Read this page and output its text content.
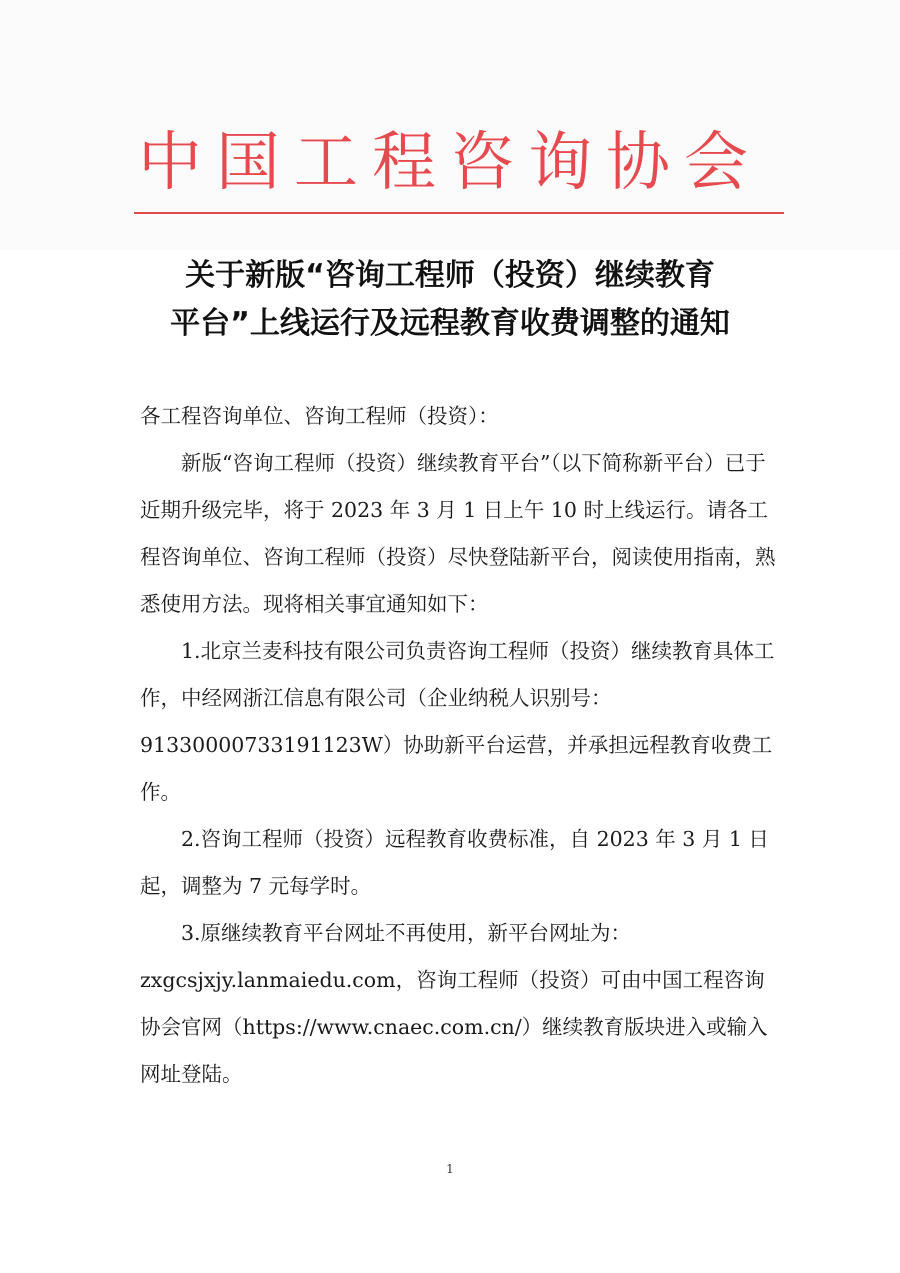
中国工程咨询协会
关于新版“咨询工程师（投资）继续教育
平台”上线运行及远程教育收费调整的通知

各工程咨询单位、咨询工程师（投资）：

新版“咨询工程师（投资）继续教育平台”（以下简称新平台）已于近期升级完毕，将于 2023 年 3 月 1 日上午 10 时上线运行。请各工程咨询单位、咨询工程师（投资）尽快登陆新平台，阅读使用指南，熟悉使用方法。现将相关事宜通知如下：

1.北京兰麦科技有限公司负责咨询工程师（投资）继续教育具体工作，中经网浙江信息有限公司（企业纳税人识别号：91330000733191123W）协助新平台运营，并承担远程教育收费工作。

2.咨询工程师（投资）远程教育收费标准，自 2023 年 3 月 1 日起，调整为 7 元每学时。

3.原继续教育平台网址不再使用，新平台网址为：zxgcsjxjy.lanmaiedu.com，咨询工程师（投资）可由中国工程咨询协会官网（https://www.cnaec.com.cn/）继续教育版块进入或输入网址登陆。

1
